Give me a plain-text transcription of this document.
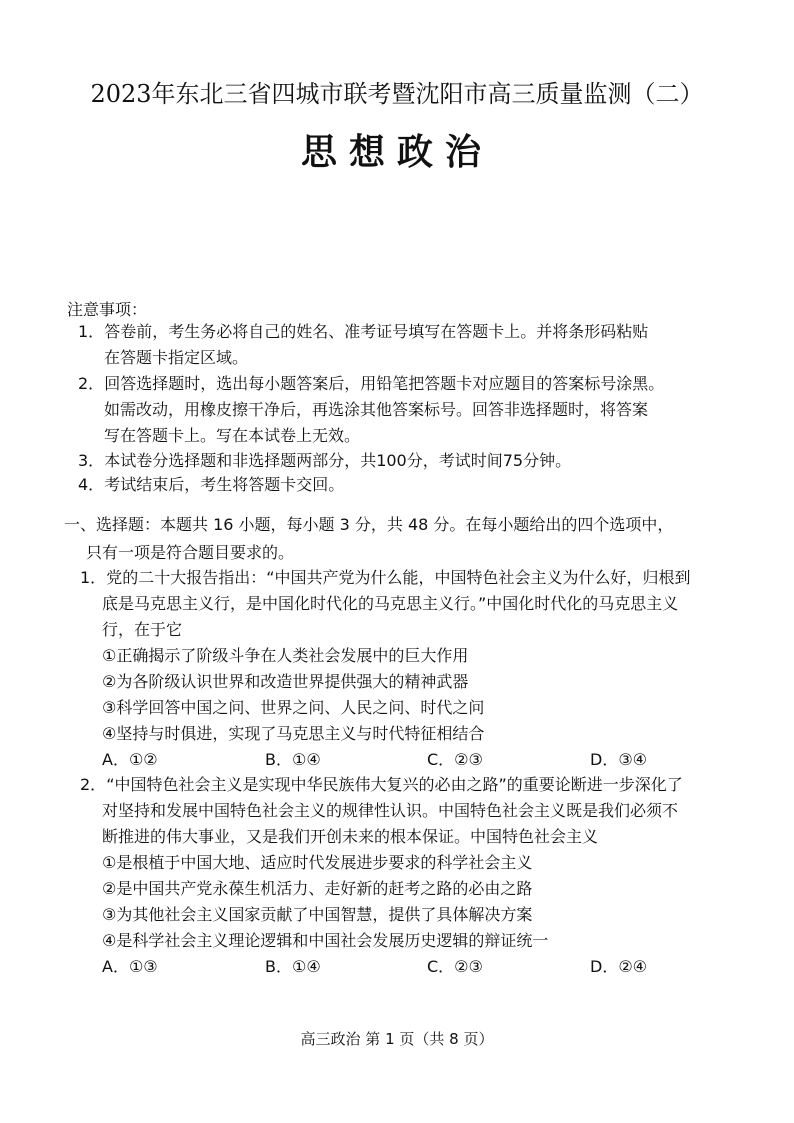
2023年东北三省四城市联考暨沈阳市高三质量监测（二）
思想政治
注意事项：
1．答卷前，考生务必将自己的姓名、准考证号填写在答题卡上。并将条形码粘贴
在答题卡指定区域。
2．回答选择题时，选出每小题答案后，用铅笔把答题卡对应题目的答案标号涂黑。
如需改动，用橡皮擦干净后，再选涂其他答案标号。回答非选择题时，将答案
写在答题卡上。写在本试卷上无效。
3．本试卷分选择题和非选择题两部分，共100分，考试时间75分钟。
4．考试结束后，考生将答题卡交回。
一、选择题：本题共 16 小题，每小题 3 分，共 48 分。在每小题给出的四个选项中，
只有一项是符合题目要求的。
1．党的二十大报告指出：“中国共产党为什么能，中国特色社会主义为什么好，归根到
底是马克思主义行，是中国化时代化的马克思主义行。”中国化时代化的马克思主义
行，在于它
①正确揭示了阶级斗争在人类社会发展中的巨大作用
②为各阶级认识世界和改造世界提供强大的精神武器
③科学回答中国之问、世界之问、人民之问、时代之问
④坚持与时俱进，实现了马克思主义与时代特征相结合
A．①②	B．①④	C．②③	D．③④
2．“中国特色社会主义是实现中华民族伟大复兴的必由之路”的重要论断进一步深化了
对坚持和发展中国特色社会主义的规律性认识。中国特色社会主义既是我们必须不
断推进的伟大事业，又是我们开创未来的根本保证。中国特色社会主义
①是根植于中国大地、适应时代发展进步要求的科学社会主义
②是中国共产党永葆生机活力、走好新的赶考之路的必由之路
③为其他社会主义国家贡献了中国智慧，提供了具体解决方案
④是科学社会主义理论逻辑和中国社会发展历史逻辑的辩证统一
A．①③	B．①④	C．②③	D．②④
高三政治 第 1 页（共 8 页）
